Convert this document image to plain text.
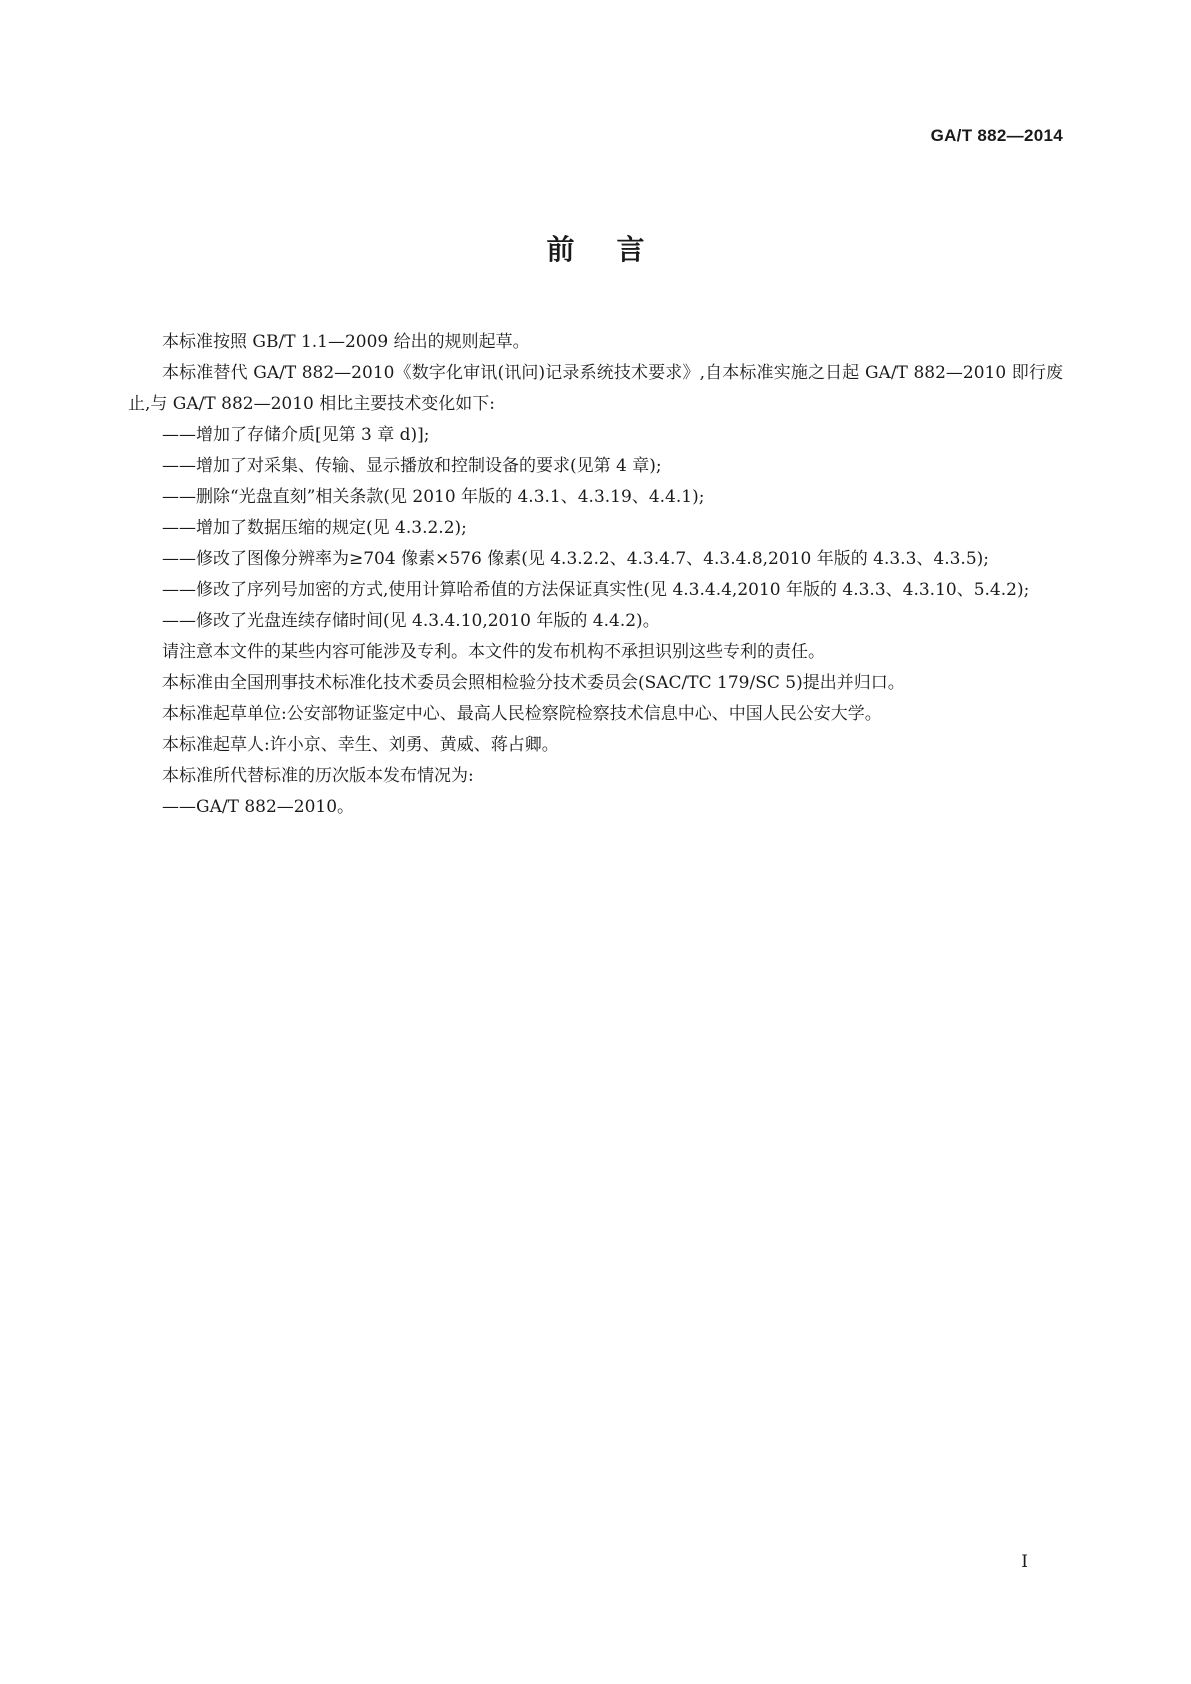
GA/T 882—2014
前言

本标准按照 GB/T 1.1—2009 给出的规则起草。

本标准替代 GA/T 882—2010《数字化审讯(讯问)记录系统技术要求》,自本标准实施之日起 GA/T 882—2010 即行废止,与 GA/T 882—2010 相比主要技术变化如下:

——增加了存储介质[见第 3 章 d)];

——增加了对采集、传输、显示播放和控制设备的要求(见第 4 章);

——删除“光盘直刻”相关条款(见 2010 年版的 4.3.1、4.3.19、4.4.1);

——增加了数据压缩的规定(见 4.3.2.2);

——修改了图像分辨率为≥704 像素×576 像素(见 4.3.2.2、4.3.4.7、4.3.4.8,2010 年版的 4.3.3、4.3.5);

——修改了序列号加密的方式,使用计算哈希值的方法保证真实性(见 4.3.4.4,2010 年版的 4.3.3、4.3.10、5.4.2);

——修改了光盘连续存储时间(见 4.3.4.10,2010 年版的 4.4.2)。

请注意本文件的某些内容可能涉及专利。本文件的发布机构不承担识别这些专利的责任。

本标准由全国刑事技术标准化技术委员会照相检验分技术委员会(SAC/TC 179/SC 5)提出并归口。

本标准起草单位:公安部物证鉴定中心、最高人民检察院检察技术信息中心、中国人民公安大学。

本标准起草人:许小京、幸生、刘勇、黄威、蒋占卿。

本标准所代替标准的历次版本发布情况为:

——GA/T 882—2010。

I
